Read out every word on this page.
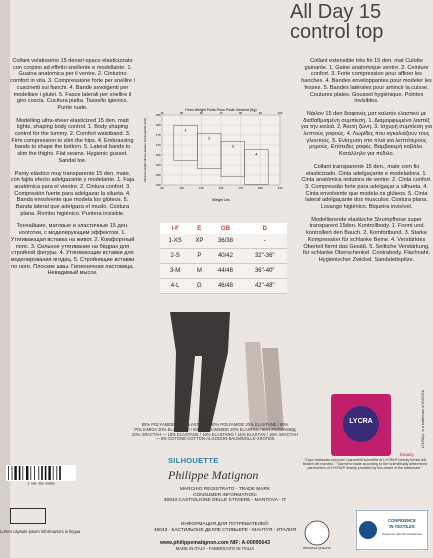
All Day 15
control top

Collant velatissimo 15 denari opaco elasticizzato con corpino ad effetto snellente e modellante. 1. Guaina anatomica per il ventre. 2. Cinturino comfort in vita. 3. Compressione forte per snellire i cuscinetti sui fianchi. 4. Bande avvolgenti per modellare i glutei. 5. Fasce laterali per snellire il giro coscia. Cucitura piatta. Tassello igienico. Punte nude.

Modelling ultra-sheer elasticized 15 den. matt tights, shaping body control. 1. Body shaping control for the tummy. 2. Comfort waistband. 3. Firm compression to slim the hips. 4. Embrassing bands to shape the bottom. 5. Lateral bands to slim the thighs. Flat seams. Hygienic gusset. Sandal toe.

Panty elástico muy transparente 15 den. mate, con fajita efecto adelgazante y modelante. 1. Faja anatómica para el vientre. 2. Cintura confort. 3. Compresión fuerte para adelgazar la silueta. 4. Banda envolvente que modela los glúteos. 5. Banda lateral que adelgaza el muslo. Costura plana. Rombo higiénico. Puntera invisible.

Тончайшие, матовые и эластичные 15 ден. колготки, с моделирующим эффектом. 1. Утягивающая вставка на живот. 2. Комфортный пояс. 3. Сильное утягивание на бёдрах для стройной фигуры. 4. Утягивающие вставки для моделирования ягодиц. 5. Стройнящие вставки по ноге. Плоские швы. Гигиеничная ластовица. Невидимый мысок.

1
2
3
4
Peso Weight Poids Peso Poids Gewicht (Kg)
Weight Lbs
Altezza Height Altura Hauteur Körpergröße (Cm)
40
90
50
110
60
130
70
150
80
170
90
190
100
210
185
180
175
170
165
160
155
150
I-F	E	GB	D
1-XS	XP	36/38	-
2-S	P	40/42	32"-36"
3-M	M	44/46	36"-40"
4-L	G	46/48	42"-48"
80% POLYAMIDE 20% ELASTANE / 80% POLYAMIDE 20% ELASTANE / 80% POLIAMIDA 20% ELASTANO / 80% POLIAMMIDE 20% ELASTAN / 80% ПОЛИАМИД 20% ЭЛАСТАН — 16% ELASTANE / 16% ELASTANO / 16% ELASTAN / 16% ЭЛАСТАН — 5% COTONE-COTTON-ALGODON-BAUMWOLLE-ХЛОПОК
SILHOUETTE
Philippe Matignon
MARCHIO REGISTRATO - TRADE MARK
CONSUMER INFORMATION:
46043 CASTIGLIONE DELLE STIVIERE - MANTOVA - IT
ИНФОРМАЦИЯ ДЛЯ ПОТРЕБИТЕЛЕЙ:
46043 - КАСТИЛЬОНЕ ДЕЛЛЕ СТИВЬЕРЕ - МАНТУЯ - ИТАЛИЯ
www.philippematignon.com NIF: A-00095643
MADE IN ITALY - FABBRICATO IN ITALIA
8 000 000 00000
Lorem capsule ipsum informazioni in lingua

Collant extensible très fin 15 den. mat Culotte gainante. 1. Gaine anatomique ventre. 2. Ceinture confort. 3. Forte compression pour affiner les hanches. 4. Bandes enveloppantes pour modeler les fesses. 5. Bandes latérales pour amincir la cuisse. Coutures plates. Gousset hygiénique. Pointes invisibles.

Νάιλον 15 den διαφανές ματ καλσόν ελαστικό με διαθαθμισμένη συμπίεση. 1. Διαμορφωμένο λαστέξ για την κοιλιά. 2. Άνετη ζώνη. 3. Ισχυρή συμπίεση για λεπτούς γοφούς. 4. Λωρίδες που αγκαλιάζουν τους γλουτούς. 5. Ενίσχυση στο πλαϊ για λεπτότερους μηρούς. Επίπεδες ραφές. Βαμβακερή καβάλο. Κατάλληλο για πέδιλο.

Collant transparente 15 den., mate com fio elasticizado. Cinta adelgaçante e modeladora. 1. Cinta anatómica redutora de ventre. 2. Cinta confort. 3. Compressão forte para adelgaçar a silhueta. 4. Cinta envolvente que modela os glúteos. 5. Cinta lateral adelgaçante dos musculos. Costura plana. Losango higiénico. Biqueira invisível.

Modellierende elastische Strumpfhose super transparent 15den. Kontrollbody. 1. Formt und kontrolliert den Bauch. 2. Komfortbund. 3. Starke Kompression für schlanke Beine. 4. Verstärktes Oberteil formt das Gesäß. 5. Seitliche Verstärkung, für schlanke Oberschenkel. Contrabody. Flachnaht. Hygienischer Zwickel. Sandalettspitze.

LYCRA
beauty
"Capo realizzato secondo i parametri scientifici di LYCRA® beauty fornito dal titolare del marchio." "Garment made according to the scientifically determined parameters of LYCRA® beauty provided by the owner of the trademark."
LYCRA® is a trademark of INVISTA
PROVA DI QUALITA
CONFIDENCE
IN TEXTILES
Tested for harmful substances
